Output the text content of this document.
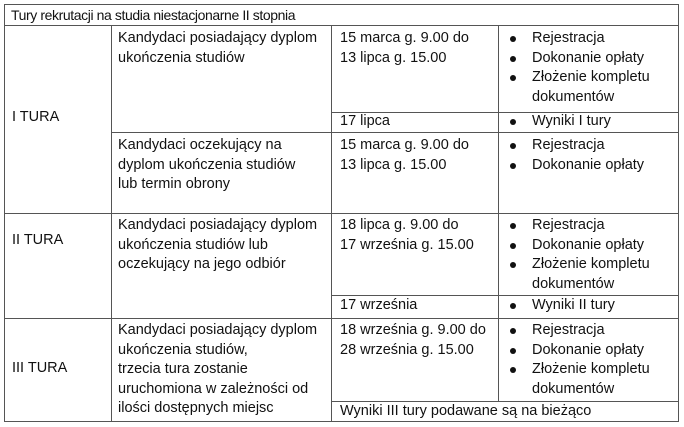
Tury rekrutacji na studia niestacjonarne II stopnia
I TURA
Kandydaci posiadający dyplom
ukończenia studiów
15 marca g. 9.00 do
13 lipca g. 15.00
Rejestracja
Dokonanie opłaty
Złożenie kompletu
dokumentów
17 lipca	Wyniki I tury
Kandydaci oczekujący na
dyplom ukończenia studiów
lub termin obrony
15 marca g. 9.00 do
13 lipca g. 15.00
Rejestracja
Dokonanie opłaty
II TURA
Kandydaci posiadający dyplom
ukończenia studiów lub
oczekujący na jego odbiór
18 lipca g. 9.00 do
17 września g. 15.00
Rejestracja
Dokonanie opłaty
Złożenie kompletu
dokumentów
17 września	Wyniki II tury
III TURA
Kandydaci posiadający dyplom
ukończenia studiów,
trzecia tura zostanie
uruchomiona w zależności od
ilości dostępnych miejsc
18 września g. 9.00 do
28 września g. 15.00
Rejestracja
Dokonanie opłaty
Złożenie kompletu
dokumentów
Wyniki III tury podawane są na bieżąco
